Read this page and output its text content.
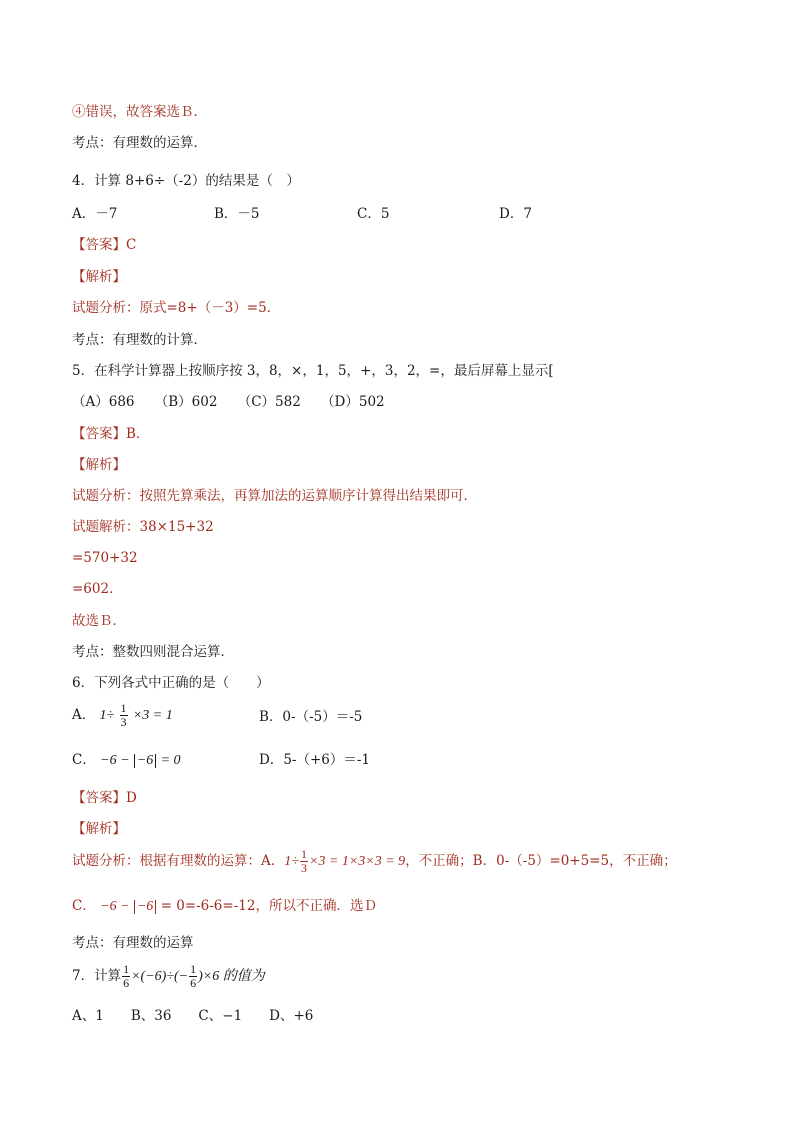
④错误，故答案选Ｂ．
考点：有理数的运算．
4．计算 8+6÷（-2）的结果是（　）
A．－7	B．－5	C．5	D．7
【答案】C
【解析】
试题分析：原式=8+（－3）=5．
考点：有理数的计算．
5．在科学计算器上按顺序按 3，8，×，1，5，+，3，2，=，最后屏幕上显示[
（A）686　　（B）602　　（C）582　　（D）502
【答案】B．
【解析】
试题分析：按照先算乘法，再算加法的运算顺序计算得出结果即可．
试题解析：38×15+32
=570+32
=602．
故选Ｂ．
考点：整数四则混合运算．
6．下列各式中正确的是（　　）
A． $1\div \frac{1}{3} \times 3 = 1$	B．0-（-5）＝-5
C． −6 − −6 = 0	D．5-（+6）＝-1
【答案】D
【解析】
试题分析：根据有理数的运算：A．$1\div \frac{1}{3} \times 3 = 1\times 3\times 3 = 9$，不正确；B．0-（-5）=0+5=5，不正确；
C． −6 − −6 = 0=-6-6=-12，所以不正确．选Ｄ
考点：有理数的运算
7．计算 $\frac{1}{6} \times(-6)\div(- \frac{1}{6} )\times 6$ 的值为
A、1　　B、36　　C、−1　　D、+6
